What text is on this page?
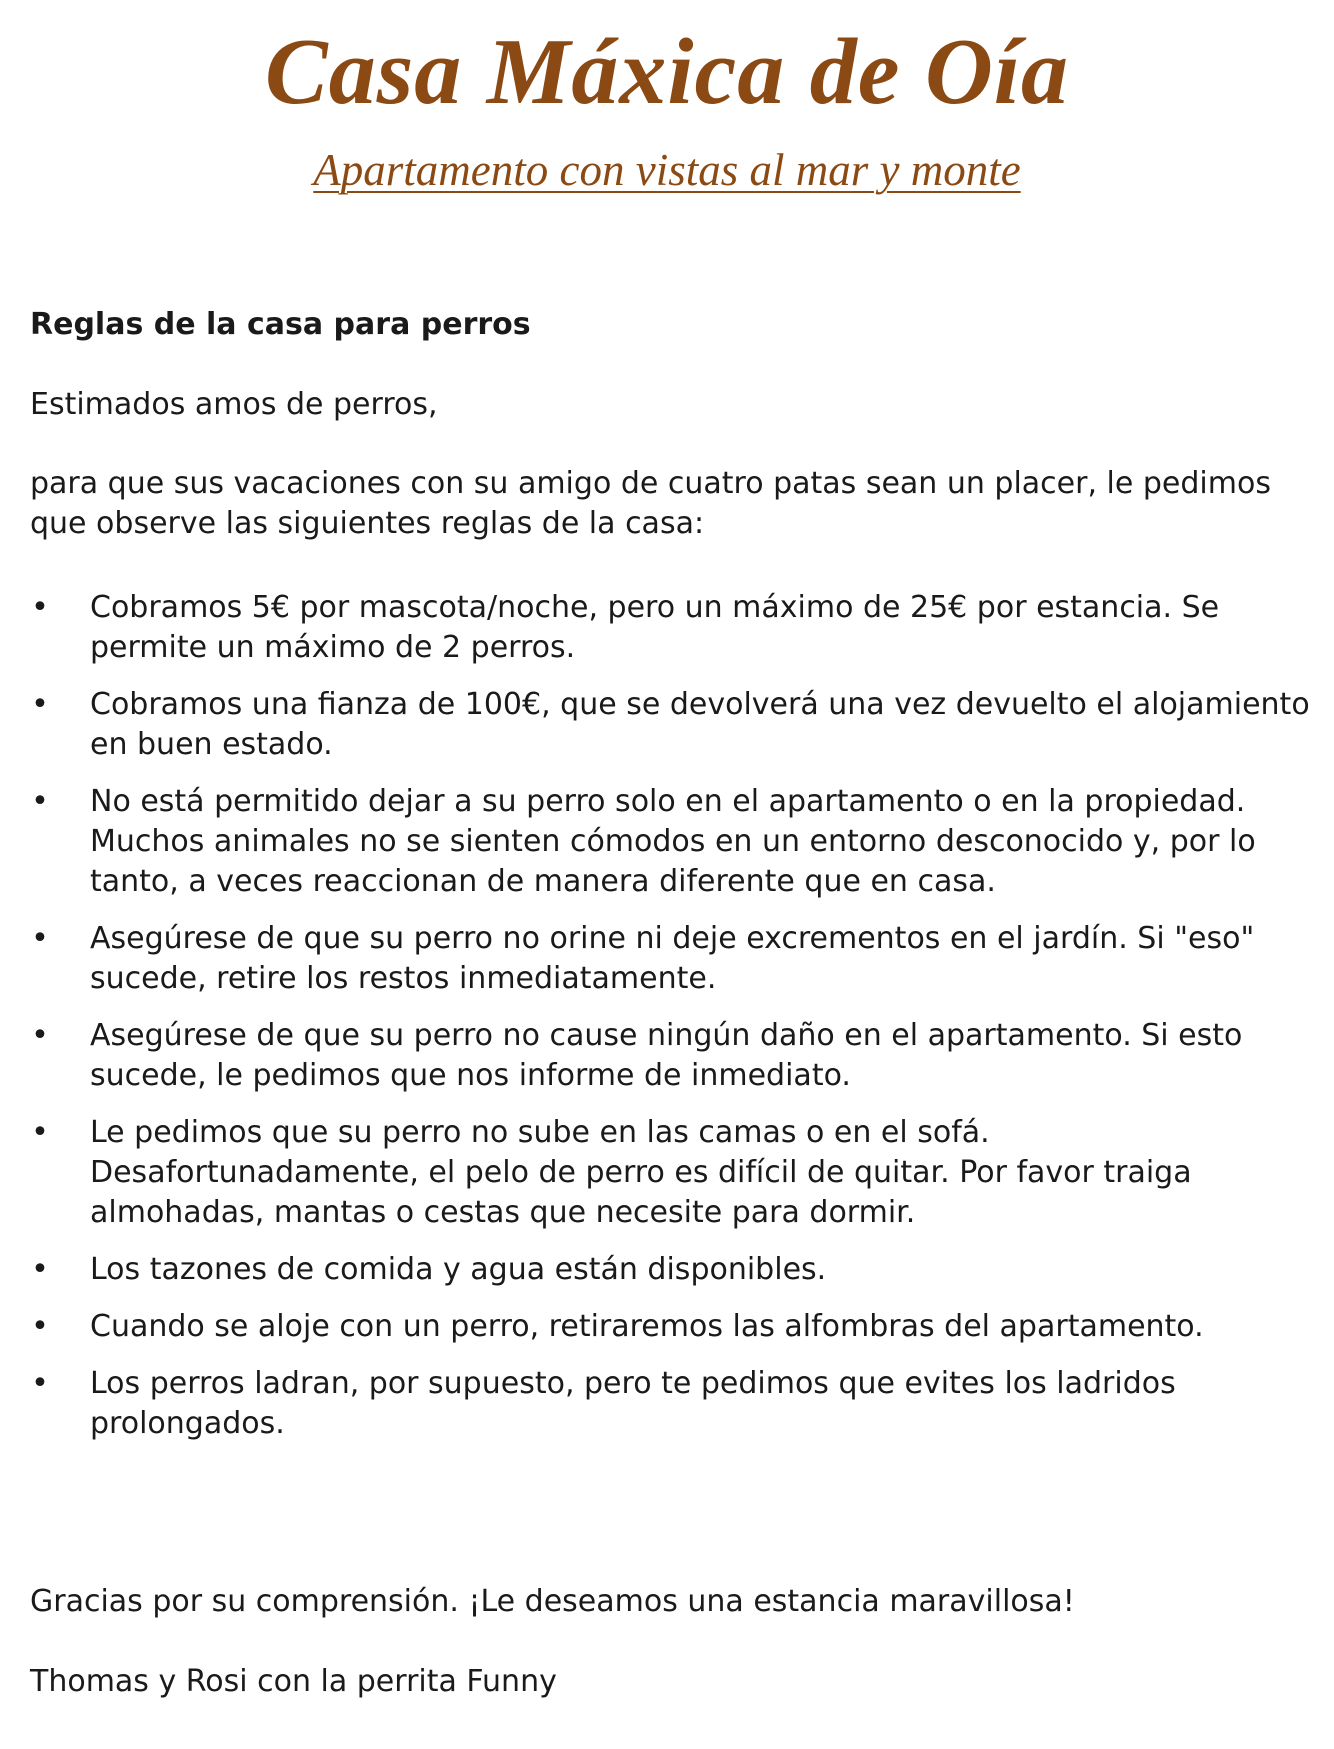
Casa Máxica de Oía
Apartamento con vistas al mar y monte
Reglas de la casa para perros
Estimados amos de perros,
para que sus vacaciones con su amigo de cuatro patas sean un placer, le pedimos que observe las siguientes reglas de la casa:
• Cobramos 5€ por mascota/noche, pero un máximo de 25€ por estancia. Se permite un máximo de 2 perros.
• Cobramos una fianza de 100€, que se devolverá una vez devuelto el alojamiento en buen estado.
• No está permitido dejar a su perro solo en el apartamento o en la propiedad. Muchos animales no se sienten cómodos en un entorno desconocido y, por lo tanto, a veces reaccionan de manera diferente que en casa.
• Asegúrese de que su perro no orine ni deje excrementos en el jardín. Si "eso" sucede, retire los restos inmediatamente.
• Asegúrese de que su perro no cause ningún daño en el apartamento. Si esto sucede, le pedimos que nos informe de inmediato.
• Le pedimos que su perro no sube en las camas o en el sofá. Desafortunadamente, el pelo de perro es difícil de quitar. Por favor traiga almohadas, mantas o cestas que necesite para dormir.
• Los tazones de comida y agua están disponibles.
• Cuando se aloje con un perro, retiraremos las alfombras del apartamento.
• Los perros ladran, por supuesto, pero te pedimos que evites los ladridos prolongados.
Gracias por su comprensión. ¡Le deseamos una estancia maravillosa!
Thomas y Rosi con la perrita Funny
